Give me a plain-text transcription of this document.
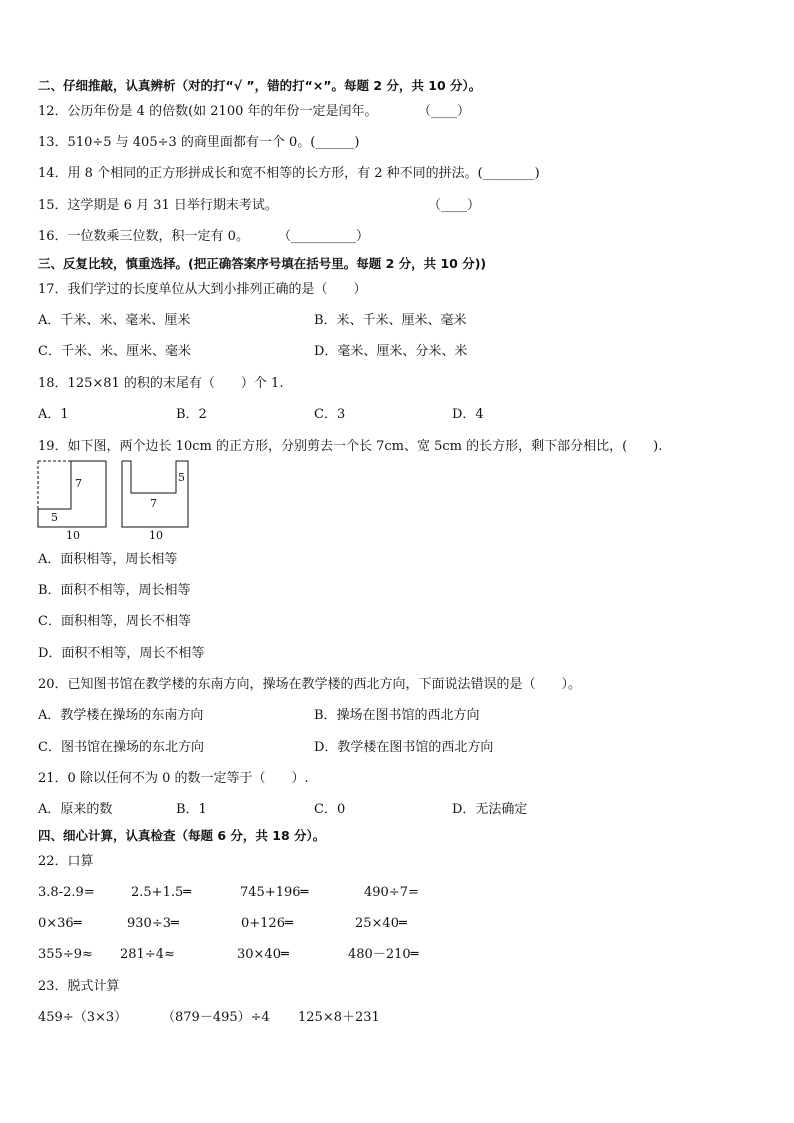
二、仔细推敲，认真辨析（对的打“√ ”，错的打“×”。每题 2 分，共 10 分）。
12．公历年份是 4 的倍数(如 2100 年的年份一定是闰年。	（____）
13．510÷5 与 405÷3 的商里面都有一个 0。(______)
14．用 8 个相同的正方形拼成长和宽不相等的长方形，有 2 种不同的拼法。(________)
15．这学期是 6 月 31 日举行期末考试。	（____）
16．一位数乘三位数，积一定有 0。 （__________）
三、反复比较，慎重选择。(把正确答案序号填在括号里。每题 2 分，共 10 分))
17．我们学过的长度单位从大到小排列正确的是（　　）
A．千米、米、毫米、厘米	B．米、千米、厘米、毫米
C．千米、米、厘米、毫米	D．毫米、厘米、分米、米
18．125×81 的积的末尾有（　　）个 1.
A．1	B．2	C．3	D．4
19．如下图，两个边长 10cm 的正方形，分别剪去一个长 7cm、宽 5cm 的长方形，剩下部分相比，(　　).
7
5
10
5
7
10
A．面积相等，周长相等
B．面积不相等，周长相等
C．面积相等，周长不相等
D．面积不相等，周长不相等
20．已知图书馆在教学楼的东南方向，操场在教学楼的西北方向，下面说法错误的是（　　）。
A．教学楼在操场的东南方向	B．操场在图书馆的西北方向
C．图书馆在操场的东北方向	D．教学楼在图书馆的西北方向
21．0 除以任何不为 0 的数一定等于（　　）.
A．原来的数	B．1	C．0	D．无法确定
四、细心计算，认真检查（每题 6 分，共 18 分）。
22．口算
3.8-2.9=	2.5+1.5═	745+196═	490÷7=
0×36═	930÷3═	0+126═	25×40═
355÷9≈ 281÷4≈	30×40═	480－210═
23．脱式计算
459÷（3×3）	（879－495）÷4 125×8＋231
